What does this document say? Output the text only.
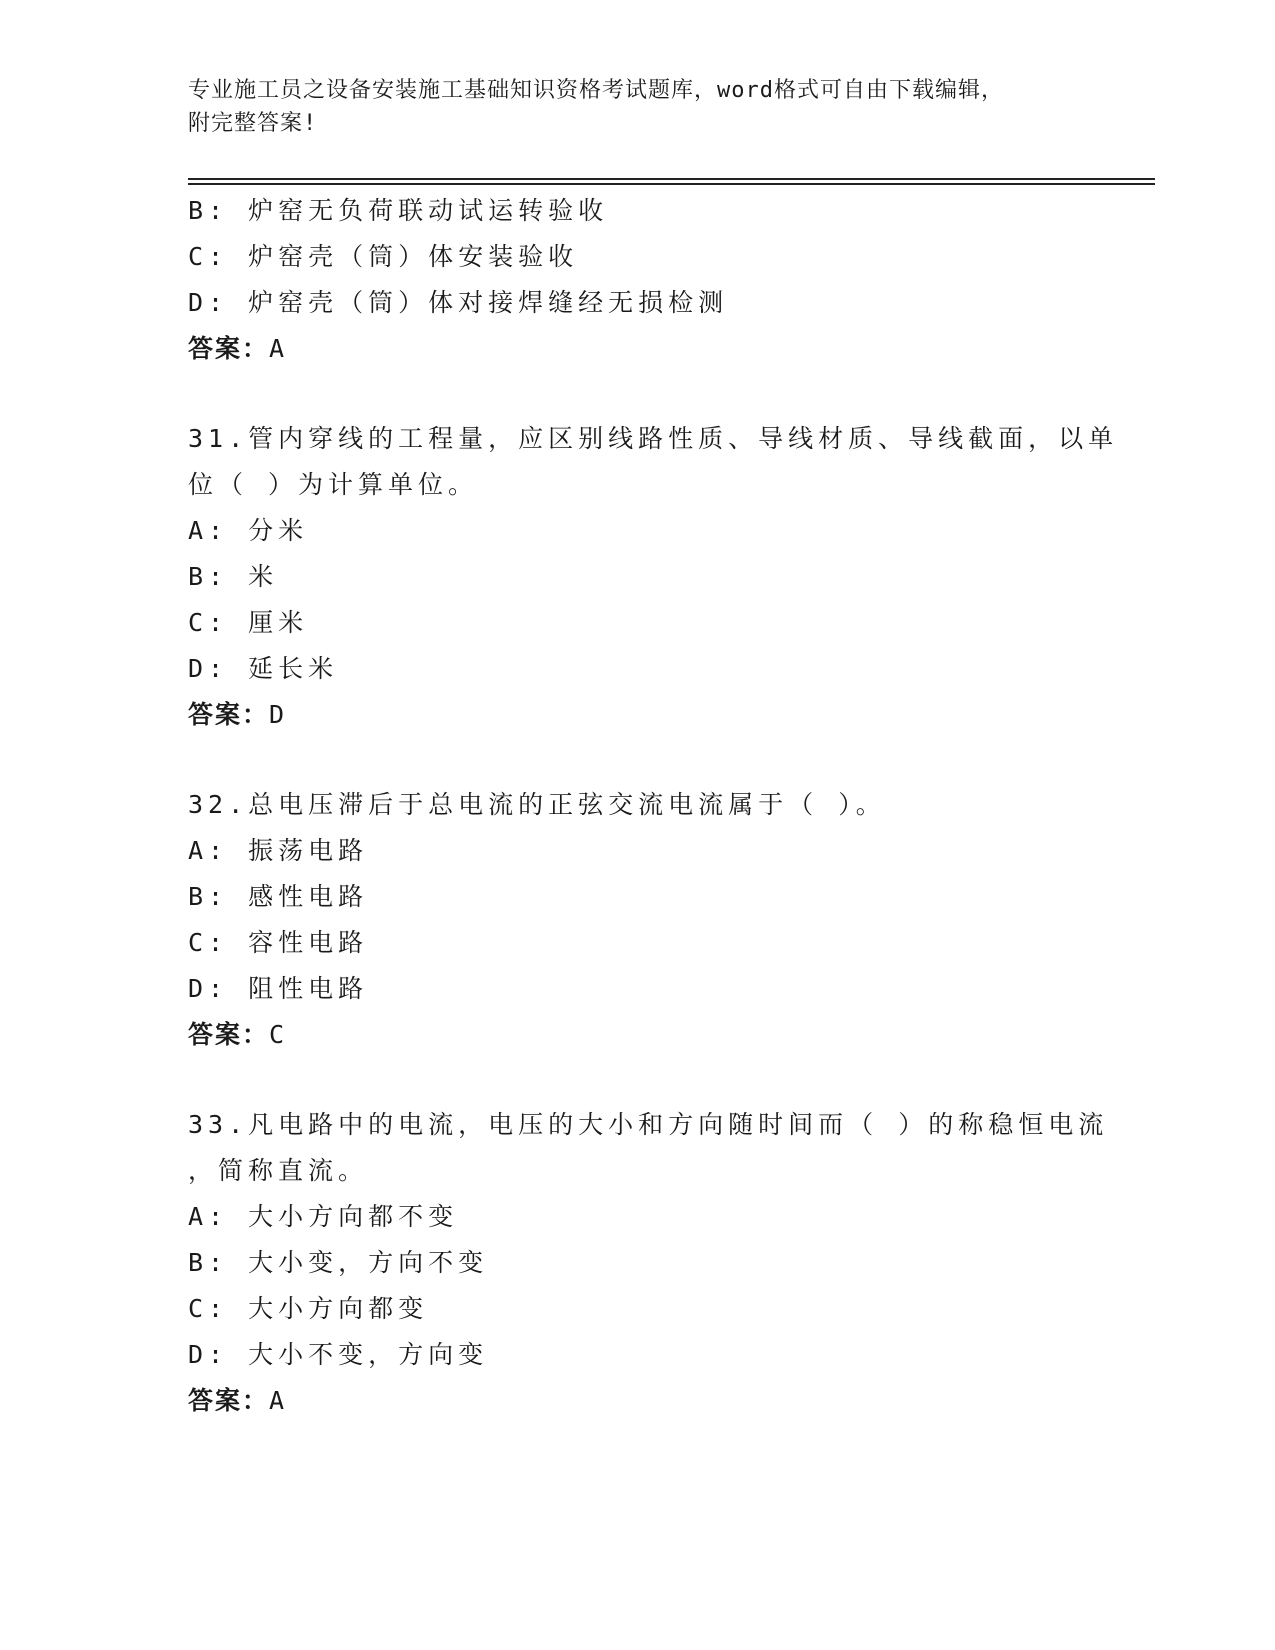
专业施工员之设备安装施工基础知识资格考试题库，word格式可自由下载编辑，
附完整答案!
B: 炉窑无负荷联动试运转验收
C: 炉窑壳（筒）体安装验收
D: 炉窑壳（筒）体对接焊缝经无损检测
答案：A
31.管内穿线的工程量，应区别线路性质、导线材质、导线截面，以单
位（ ）为计算单位。
A: 分米
B: 米
C: 厘米
D: 延长米
答案：D
32.总电压滞后于总电流的正弦交流电流属于（ ）。
A: 振荡电路
B: 感性电路
C: 容性电路
D: 阻性电路
答案：C
33.凡电路中的电流，电压的大小和方向随时间而（ ）的称稳恒电流
，简称直流。
A: 大小方向都不变
B: 大小变，方向不变
C: 大小方向都变
D: 大小不变，方向变
答案：A
